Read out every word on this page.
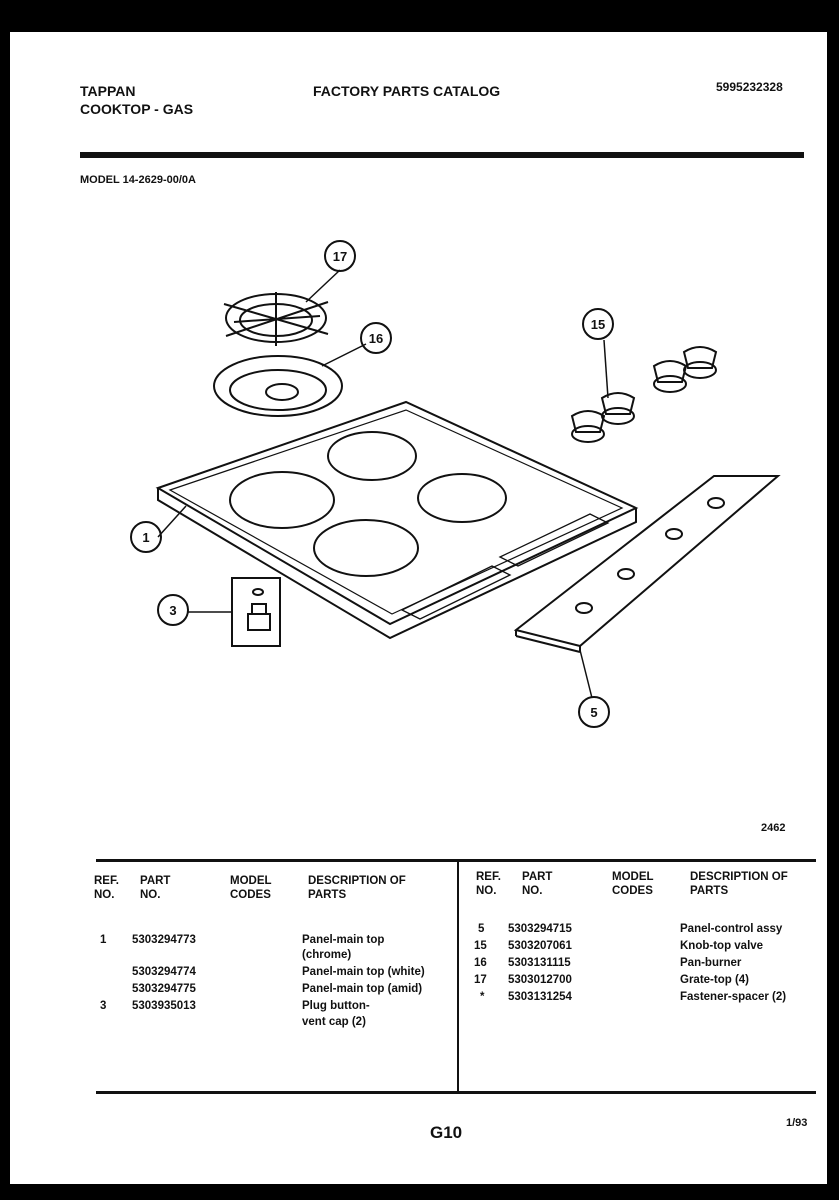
TAPPAN
COOKTOP - GAS
FACTORY PARTS CATALOG	5995232328
MODEL 14-2629-00/0A
17
16
15
1
3
5
2462
REF. NO.
PART NO.
MODEL CODES
DESCRIPTION OF PARTS
1 5303294773	Panel-main top
(chrome)
5303294774	Panel-main top (white)
5303294775	Panel-main top (amid)
3 5303935013	Plug button-
vent cap (2)
REF. NO.
PART NO.
MODEL CODES
DESCRIPTION OF PARTS
5 5303294715	Panel-control assy
15 5303207061	Knob-top valve
16 5303131115	Pan-burner
17 5303012700	Grate-top (4)
* 5303131254	Fastener-spacer (2)
G10	1/93
